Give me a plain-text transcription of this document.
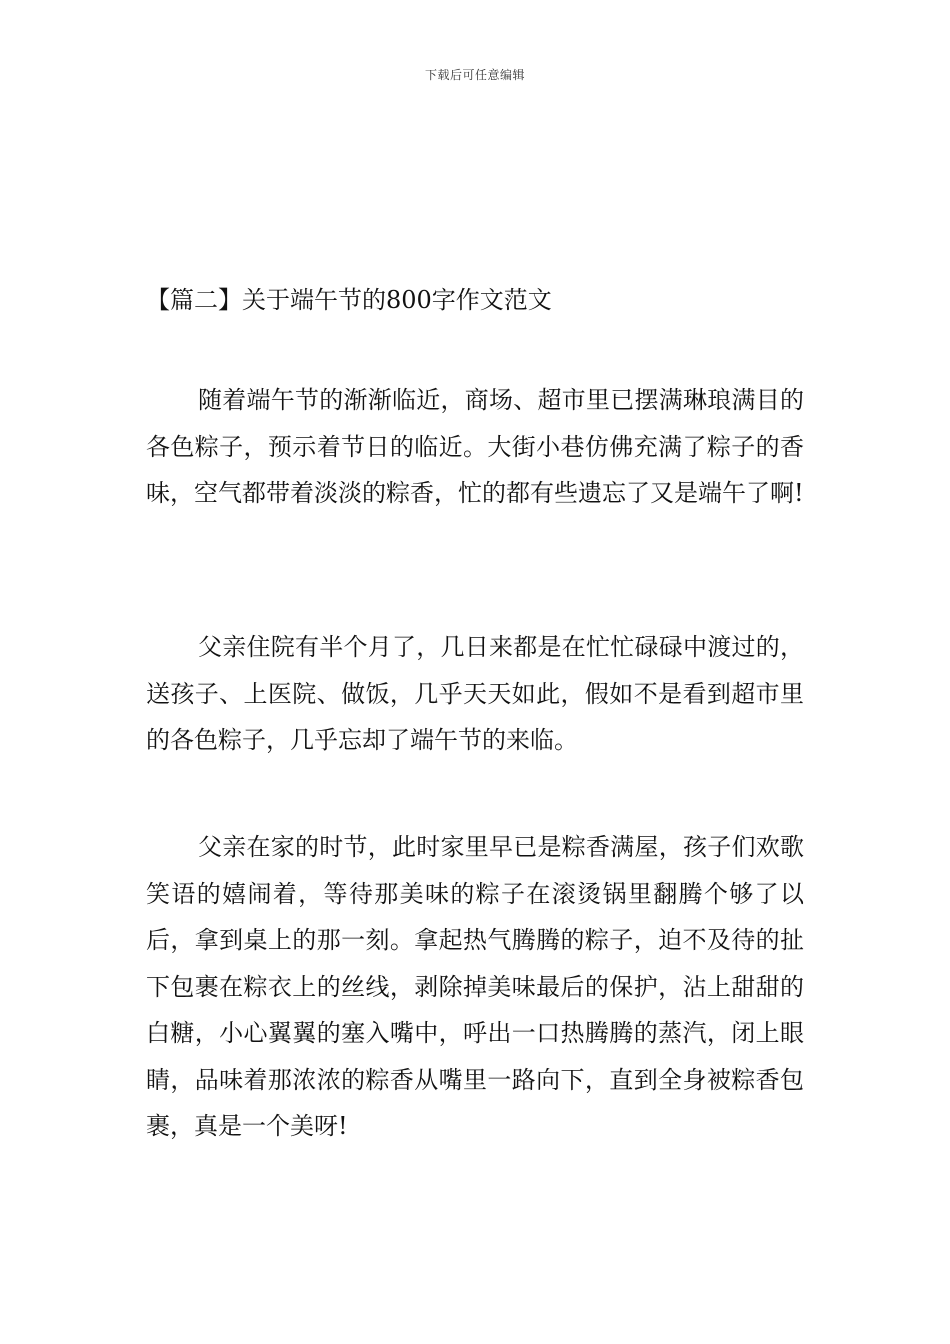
下载后可任意编辑
【篇二】关于端午节的800字作文范文

随着端午节的渐渐临近，商场、超市里已摆满琳琅满目的各色粽子，预示着节日的临近。大街小巷仿佛充满了粽子的香味，空气都带着淡淡的粽香，忙的都有些遗忘了又是端午了啊!

父亲住院有半个月了，几日来都是在忙忙碌碌中渡过的，送孩子、上医院、做饭，几乎天天如此，假如不是看到超市里的各色粽子，几乎忘却了端午节的来临。

父亲在家的时节，此时家里早已是粽香满屋，孩子们欢歌笑语的嬉闹着，等待那美味的粽子在滚烫锅里翻腾个够了以后，拿到桌上的那一刻。拿起热气腾腾的粽子，迫不及待的扯下包裹在粽衣上的丝线，剥除掉美味最后的保护，沾上甜甜的白糖，小心翼翼的塞入嘴中，呼出一口热腾腾的蒸汽，闭上眼睛，品味着那浓浓的粽香从嘴里一路向下，直到全身被粽香包裹，真是一个美呀!
